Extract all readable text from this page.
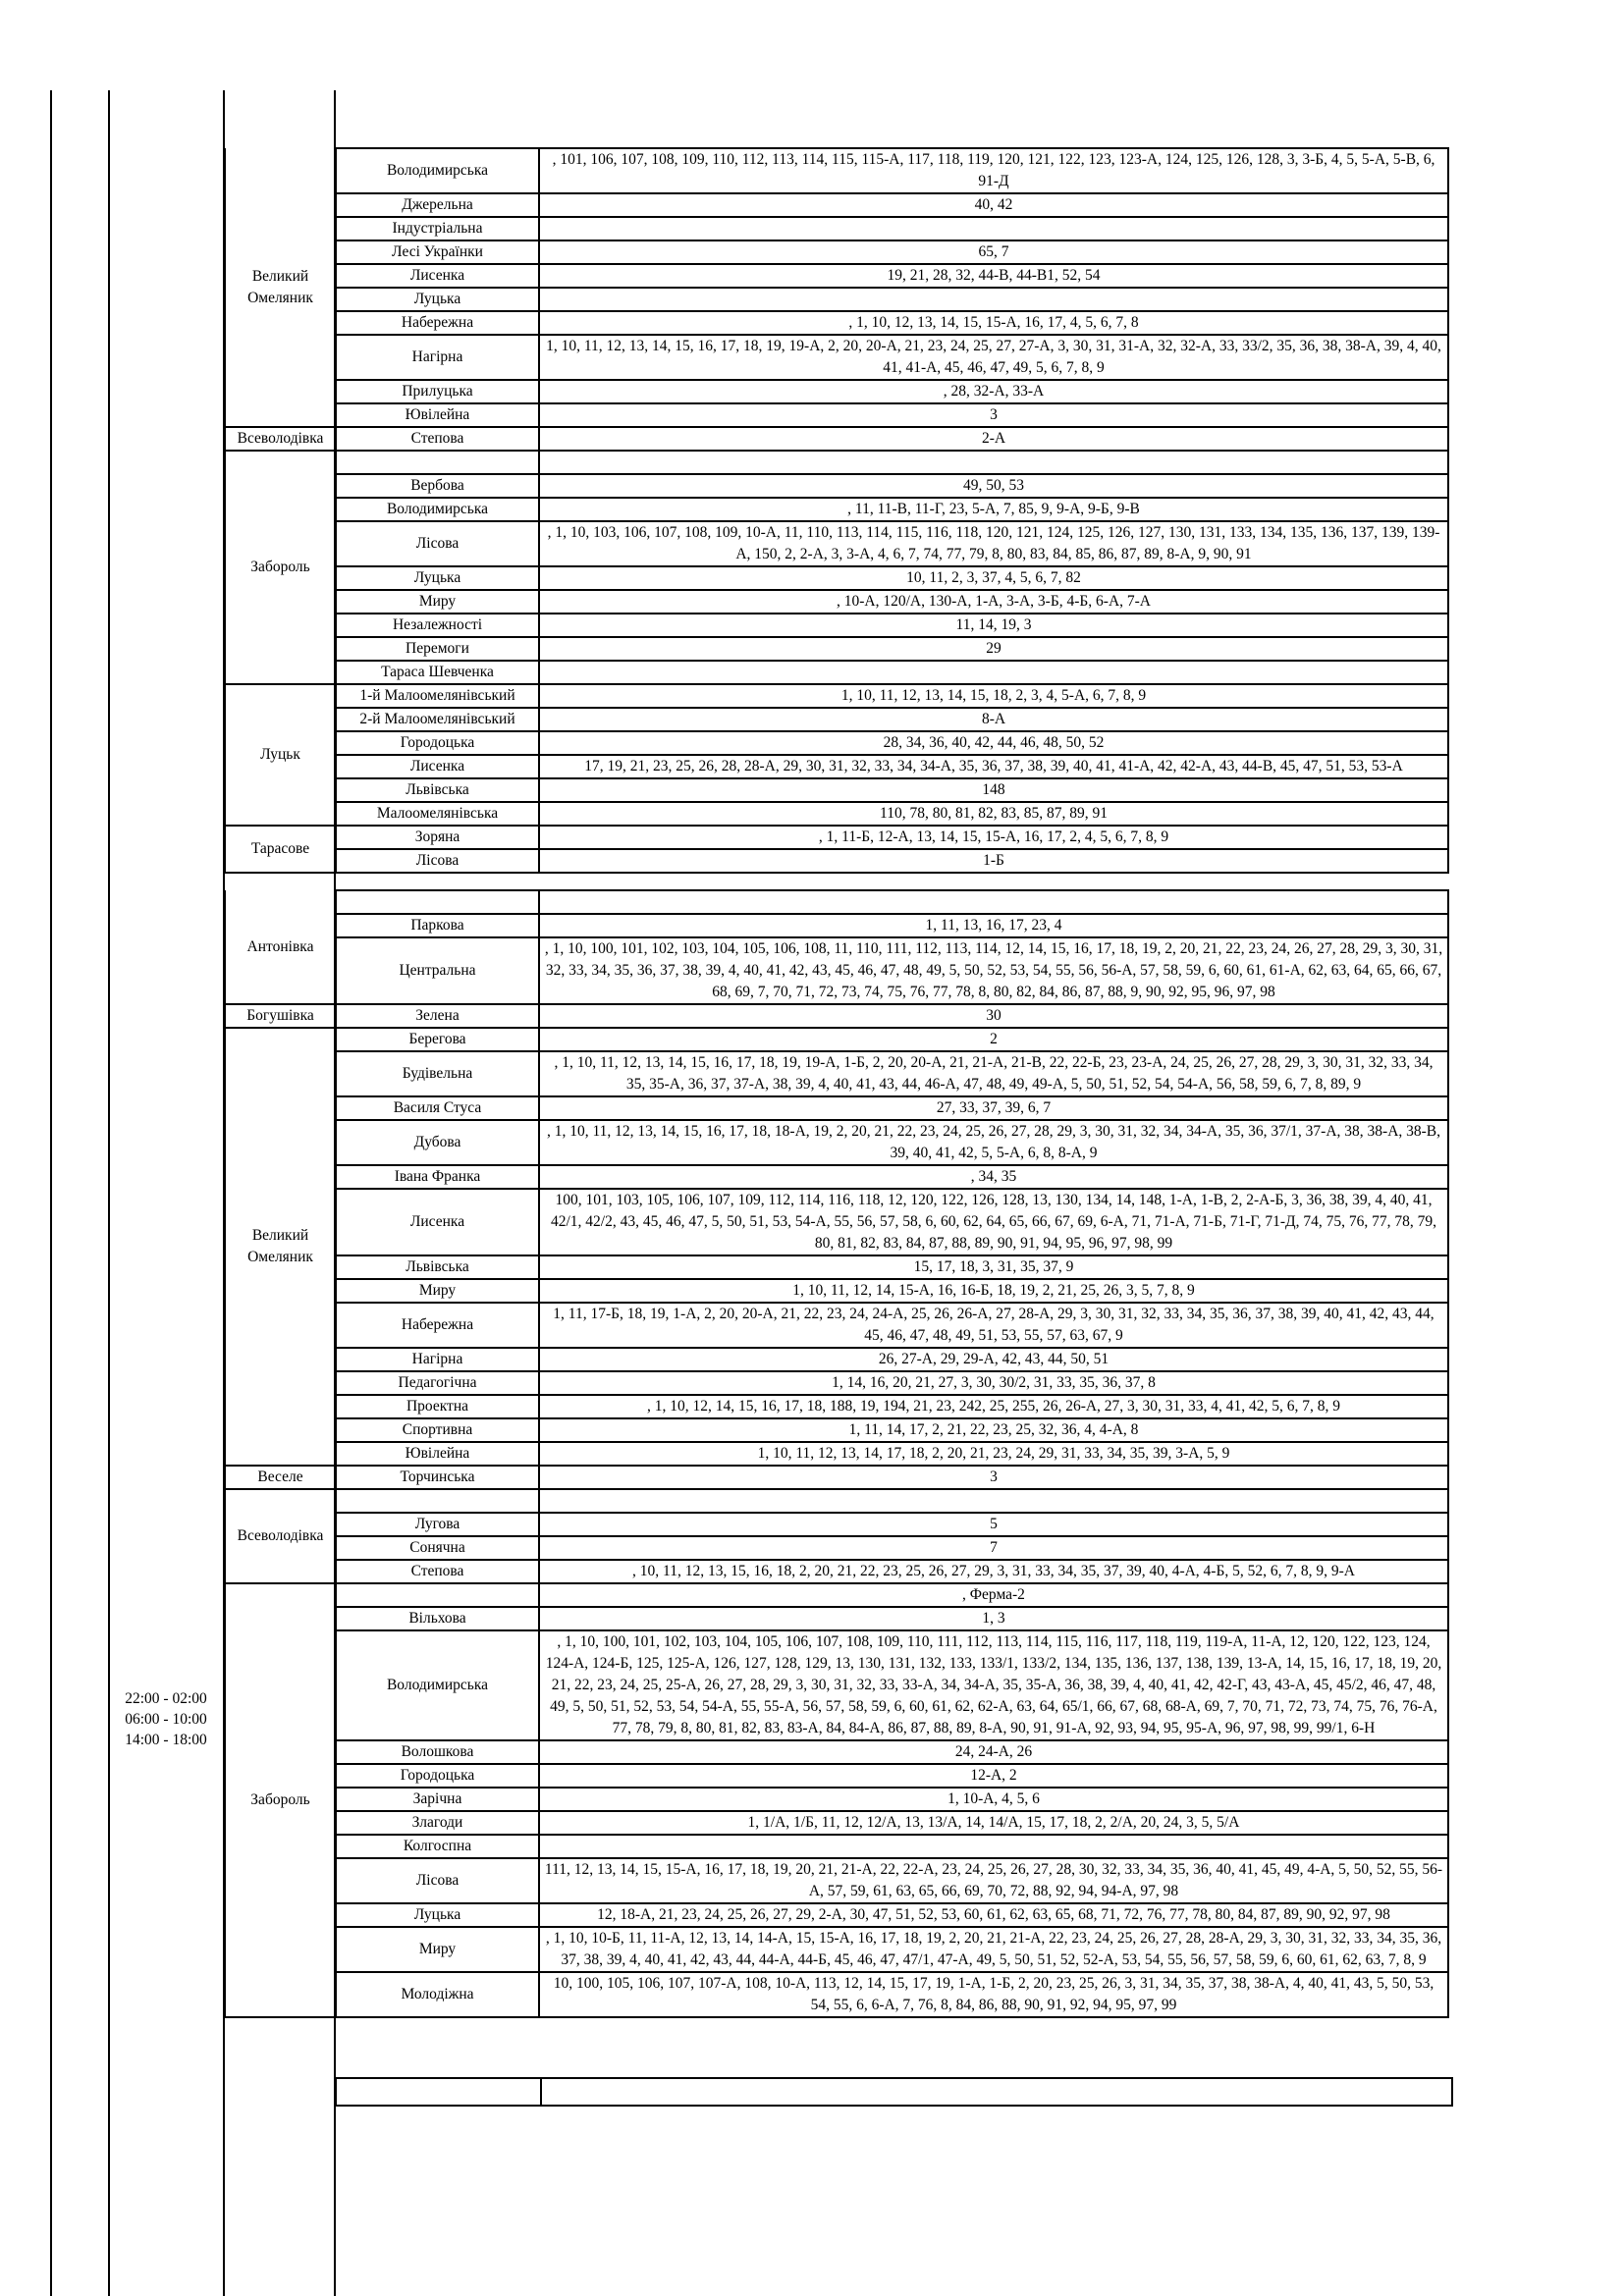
22:00 - 02:00
06:00 - 10:00
14:00 - 18:00
Великий Омеляник	Володимирська	, 101, 106, 107, 108, 109, 110, 112, 113, 114, 115, 115-А, 117, 118, 119, 120, 121, 122, 123, 123-А, 124, 125, 126, 128, 3, 3-Б, 4, 5, 5-А, 5-В, 6, 91-Д
	Джерельна	40, 42
	Індустріальна	
	Лесі Українки	65, 7
	Лисенка	19, 21, 28, 32, 44-В, 44-В1, 52, 54
	Луцька	
	Набережна	, 1, 10, 12, 13, 14, 15, 15-А, 16, 17, 4, 5, 6, 7, 8
	Нагірна	1, 10, 11, 12, 13, 14, 15, 16, 17, 18, 19, 19-А, 2, 20, 20-А, 21, 23, 24, 25, 27, 27-А, 3, 30, 31, 31-А, 32, 32-А, 33, 33/2, 35, 36, 38, 38-А, 39, 4, 40, 41, 41-А, 45, 46, 47, 49, 5, 6, 7, 8, 9
	Прилуцька	, 28, 32-А, 33-А
	Ювілейна	3
Всеволодівка	Степова	2-А
Забороль		
	Вербова	49, 50, 53
	Володимирська	, 11, 11-В, 11-Г, 23, 5-А, 7, 85, 9, 9-А, 9-Б, 9-В
	Лісова	, 1, 10, 103, 106, 107, 108, 109, 10-А, 11, 110, 113, 114, 115, 116, 118, 120, 121, 124, 125, 126, 127, 130, 131, 133, 134, 135, 136, 137, 139, 139-А, 150, 2, 2-А, 3, 3-А, 4, 6, 7, 74, 77, 79, 8, 80, 83, 84, 85, 86, 87, 89, 8-А, 9, 90, 91
	Луцька	10, 11, 2, 3, 37, 4, 5, 6, 7, 82
	Миру	, 10-А, 120/А, 130-А, 1-А, 3-А, 3-Б, 4-Б, 6-А, 7-А
	Незалежності	11, 14, 19, 3
	Перемоги	29
	Тараса Шевченка	
Луцьк	1-й Малоомелянівський	1, 10, 11, 12, 13, 14, 15, 18, 2, 3, 4, 5-А, 6, 7, 8, 9
	2-й Малоомелянівський	8-А
	Городоцька	28, 34, 36, 40, 42, 44, 46, 48, 50, 52
	Лисенка	17, 19, 21, 23, 25, 26, 28, 28-А, 29, 30, 31, 32, 33, 34, 34-А, 35, 36, 37, 38, 39, 40, 41, 41-А, 42, 42-А, 43, 44-В, 45, 47, 51, 53, 53-А
	Львівська	148
	Малоомелянівська	110, 78, 80, 81, 82, 83, 85, 87, 89, 91
Тарасове	Зоряна	, 1, 11-Б, 12-А, 13, 14, 15, 15-А, 16, 17, 2, 4, 5, 6, 7, 8, 9
	Лісова	1-Б
Антонівка		
	Паркова	1, 11, 13, 16, 17, 23, 4
	Центральна	, 1, 10, 100, 101, 102, 103, 104, 105, 106, 108, 11, 110, 111, 112, 113, 114, 12, 14, 15, 16, 17, 18, 19, 2, 20, 21, 22, 23, 24, 26, 27, 28, 29, 3, 30, 31, 32, 33, 34, 35, 36, 37, 38, 39, 4, 40, 41, 42, 43, 45, 46, 47, 48, 49, 5, 50, 52, 53, 54, 55, 56, 56-А, 57, 58, 59, 6, 60, 61, 61-А, 62, 63, 64, 65, 66, 67, 68, 69, 7, 70, 71, 72, 73, 74, 75, 76, 77, 78, 8, 80, 82, 84, 86, 87, 88, 9, 90, 92, 95, 96, 97, 98
Богушівка	Зелена	30
Великий Омеляник	Берегова	2
	Будівельна	, 1, 10, 11, 12, 13, 14, 15, 16, 17, 18, 19, 19-А, 1-Б, 2, 20, 20-А, 21, 21-А, 21-В, 22, 22-Б, 23, 23-А, 24, 25, 26, 27, 28, 29, 3, 30, 31, 32, 33, 34, 35, 35-А, 36, 37, 37-А, 38, 39, 4, 40, 41, 43, 44, 46-А, 47, 48, 49, 49-А, 5, 50, 51, 52, 54, 54-А, 56, 58, 59, 6, 7, 8, 89, 9
	Василя Стуса	27, 33, 37, 39, 6, 7
	Дубова	, 1, 10, 11, 12, 13, 14, 15, 16, 17, 18, 18-А, 19, 2, 20, 21, 22, 23, 24, 25, 26, 27, 28, 29, 3, 30, 31, 32, 34, 34-А, 35, 36, 37/1, 37-А, 38, 38-А, 38-В, 39, 40, 41, 42, 5, 5-А, 6, 8, 8-А, 9
	Івана Франка	, 34, 35
	Лисенка	100, 101, 103, 105, 106, 107, 109, 112, 114, 116, 118, 12, 120, 122, 126, 128, 13, 130, 134, 14, 148, 1-А, 1-В, 2, 2-А-Б, 3, 36, 38, 39, 4, 40, 41, 42/1, 42/2, 43, 45, 46, 47, 5, 50, 51, 53, 54-А, 55, 56, 57, 58, 6, 60, 62, 64, 65, 66, 67, 69, 6-А, 71, 71-А, 71-Б, 71-Г, 71-Д, 74, 75, 76, 77, 78, 79, 80, 81, 82, 83, 84, 87, 88, 89, 90, 91, 94, 95, 96, 97, 98, 99
	Львівська	15, 17, 18, 3, 31, 35, 37, 9
	Миру	1, 10, 11, 12, 14, 15-А, 16, 16-Б, 18, 19, 2, 21, 25, 26, 3, 5, 7, 8, 9
	Набережна	1, 11, 17-Б, 18, 19, 1-А, 2, 20, 20-А, 21, 22, 23, 24, 24-А, 25, 26, 26-А, 27, 28-А, 29, 3, 30, 31, 32, 33, 34, 35, 36, 37, 38, 39, 40, 41, 42, 43, 44, 45, 46, 47, 48, 49, 51, 53, 55, 57, 63, 67, 9
	Нагірна	26, 27-А, 29, 29-А, 42, 43, 44, 50, 51
	Педагогічна	1, 14, 16, 20, 21, 27, 3, 30, 30/2, 31, 33, 35, 36, 37, 8
	Проектна	, 1, 10, 12, 14, 15, 16, 17, 18, 188, 19, 194, 21, 23, 242, 25, 255, 26, 26-А, 27, 3, 30, 31, 33, 4, 41, 42, 5, 6, 7, 8, 9
	Спортивна	1, 11, 14, 17, 2, 21, 22, 23, 25, 32, 36, 4, 4-А, 8
	Ювілейна	1, 10, 11, 12, 13, 14, 17, 18, 2, 20, 21, 23, 24, 29, 31, 33, 34, 35, 39, 3-А, 5, 9
Веселе	Торчинська	3
Всеволодівка		
	Лугова	5
	Сонячна	7
	Степова	, 10, 11, 12, 13, 15, 16, 18, 2, 20, 21, 22, 23, 25, 26, 27, 29, 3, 31, 33, 34, 35, 37, 39, 40, 4-А, 4-Б, 5, 52, 6, 7, 8, 9, 9-А
Забороль		, Ферма-2
	Вільхова	1, 3
	Володимирська	, 1, 10, 100, 101, 102, 103, 104, 105, 106, 107, 108, 109, 110, 111, 112, 113, 114, 115, 116, 117, 118, 119, 119-А, 11-А, 12, 120, 122, 123, 124, 124-А, 124-Б, 125, 125-А, 126, 127, 128, 129, 13, 130, 131, 132, 133, 133/1, 133/2, 134, 135, 136, 137, 138, 139, 13-А, 14, 15, 16, 17, 18, 19, 20, 21, 22, 23, 24, 25, 25-А, 26, 27, 28, 29, 3, 30, 31, 32, 33, 33-А, 34, 34-А, 35, 35-А, 36, 38, 39, 4, 40, 41, 42, 42-Г, 43, 43-А, 45, 45/2, 46, 47, 48, 49, 5, 50, 51, 52, 53, 54, 54-А, 55, 55-А, 56, 57, 58, 59, 6, 60, 61, 62, 62-А, 63, 64, 65/1, 66, 67, 68, 68-А, 69, 7, 70, 71, 72, 73, 74, 75, 76, 76-А, 77, 78, 79, 8, 80, 81, 82, 83, 83-А, 84, 84-А, 86, 87, 88, 89, 8-А, 90, 91, 91-А, 92, 93, 94, 95, 95-А, 96, 97, 98, 99, 99/1, 6-Н
	Волошкова	24, 24-А, 26
	Городоцька	12-А, 2
	Зарічна	1, 10-А, 4, 5, 6
	Злагоди	1, 1/А, 1/Б, 11, 12, 12/А, 13, 13/А, 14, 14/А, 15, 17, 18, 2, 2/А, 20, 24, 3, 5, 5/А
	Колгоспна	
	Лісова	111, 12, 13, 14, 15, 15-А, 16, 17, 18, 19, 20, 21, 21-А, 22, 22-А, 23, 24, 25, 26, 27, 28, 30, 32, 33, 34, 35, 36, 40, 41, 45, 49, 4-А, 5, 50, 52, 55, 56-А, 57, 59, 61, 63, 65, 66, 69, 70, 72, 88, 92, 94, 94-А, 97, 98
	Луцька	12, 18-А, 21, 23, 24, 25, 26, 27, 29, 2-А, 30, 47, 51, 52, 53, 60, 61, 62, 63, 65, 68, 71, 72, 76, 77, 78, 80, 84, 87, 89, 90, 92, 97, 98
	Миру	, 1, 10, 10-Б, 11, 11-А, 12, 13, 14, 14-А, 15, 15-А, 16, 17, 18, 19, 2, 20, 21, 21-А, 22, 23, 24, 25, 26, 27, 28, 28-А, 29, 3, 30, 31, 32, 33, 34, 35, 36, 37, 38, 39, 4, 40, 41, 42, 43, 44, 44-А, 44-Б, 45, 46, 47, 47/1, 47-А, 49, 5, 50, 51, 52, 52-А, 53, 54, 55, 56, 57, 58, 59, 6, 60, 61, 62, 63, 7, 8, 9
	Молодіжна	10, 100, 105, 106, 107, 107-А, 108, 10-А, 113, 12, 14, 15, 17, 19, 1-А, 1-Б, 2, 20, 23, 25, 26, 3, 31, 34, 35, 37, 38, 38-А, 4, 40, 41, 43, 5, 50, 53, 54, 55, 6, 6-А, 7, 76, 8, 84, 86, 88, 90, 91, 92, 94, 95, 97, 99
